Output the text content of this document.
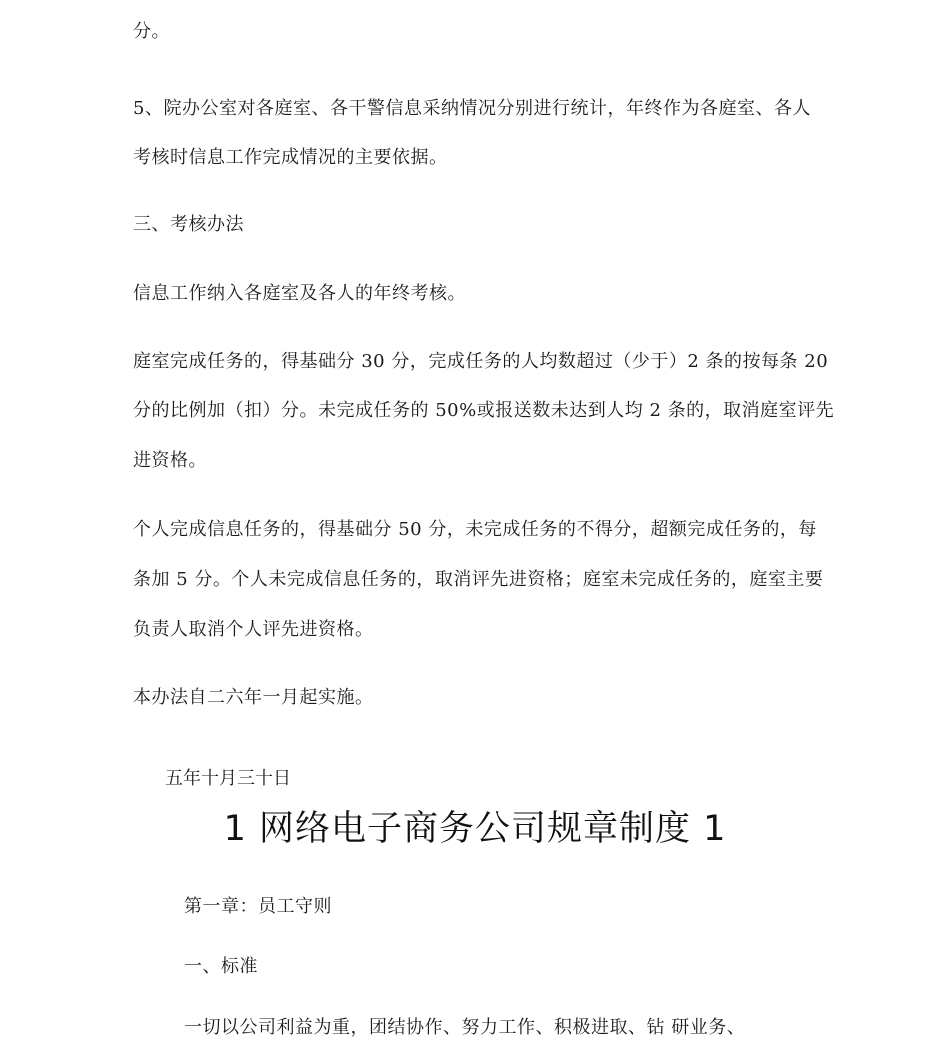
分。
5、院办公室对各庭室、各干警信息采纳情况分别进行统计，年终作为各庭室、各人
考核时信息工作完成情况的主要依据。
三、考核办法
信息工作纳入各庭室及各人的年终考核。
庭室完成任务的，得基础分 30 分，完成任务的人均数超过（少于）2 条的按每条 20
分的比例加（扣）分。未完成任务的 50%或报送数未达到人均 2 条的，取消庭室评先
进资格。
个人完成信息任务的，得基础分 50 分，未完成任务的不得分，超额完成任务的，每
条加 5 分。个人未完成信息任务的，取消评先进资格；庭室未完成任务的，庭室主要
负责人取消个人评先进资格。
本办法自二六年一月起实施。
五年十月三十日
1 网络电子商务公司规章制度 1
第一章：员工守则
一、标准
一切以公司利益为重，团结协作、努力工作、积极进取、钻 研业务、
